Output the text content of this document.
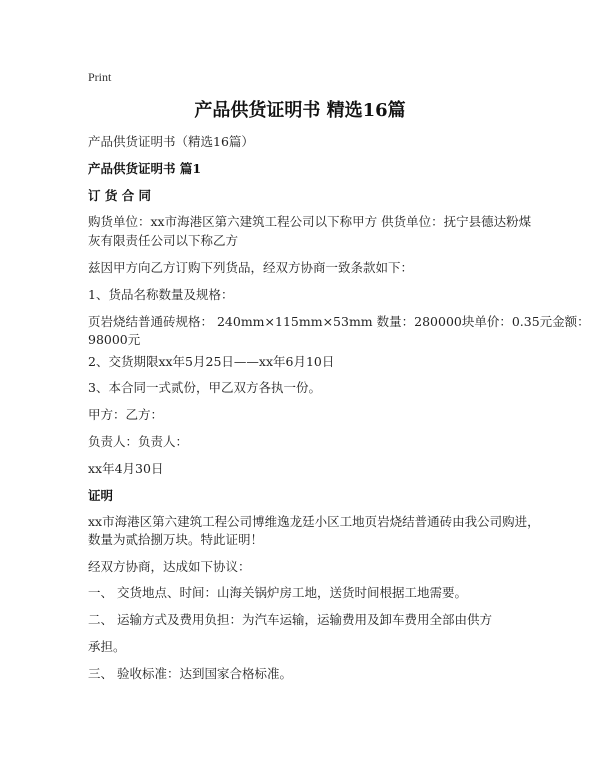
Print
产品供货证明书 精选16篇
产品供货证明书（精选16篇）
产品供货证明书 篇1
订 货 合 同
购货单位：xx市海港区第六建筑工程公司以下称甲方 供货单位：抚宁县德达粉煤
灰有限责任公司以下称乙方
兹因甲方向乙方订购下列货品，经双方协商一致条款如下：
1、货品名称数量及规格：
页岩烧结普通砖规格： 240mm×115mm×53mm 数量：280000块单价：0.35元金额：
98000元
2、交货期限xx年5月25日——xx年6月10日
3、本合同一式贰份，甲乙双方各执一份。
甲方：乙方：
负责人：负责人：
xx年4月30日
证明
xx市海港区第六建筑工程公司博维逸龙廷小区工地页岩烧结普通砖由我公司购进，
数量为贰拾捌万块。特此证明！
经双方协商，达成如下协议：
一、 交货地点、时间：山海关锅炉房工地，送货时间根据工地需要。
二、 运输方式及费用负担：为汽车运输，运输费用及卸车费用全部由供方
承担。
三、 验收标准：达到国家合格标准。
